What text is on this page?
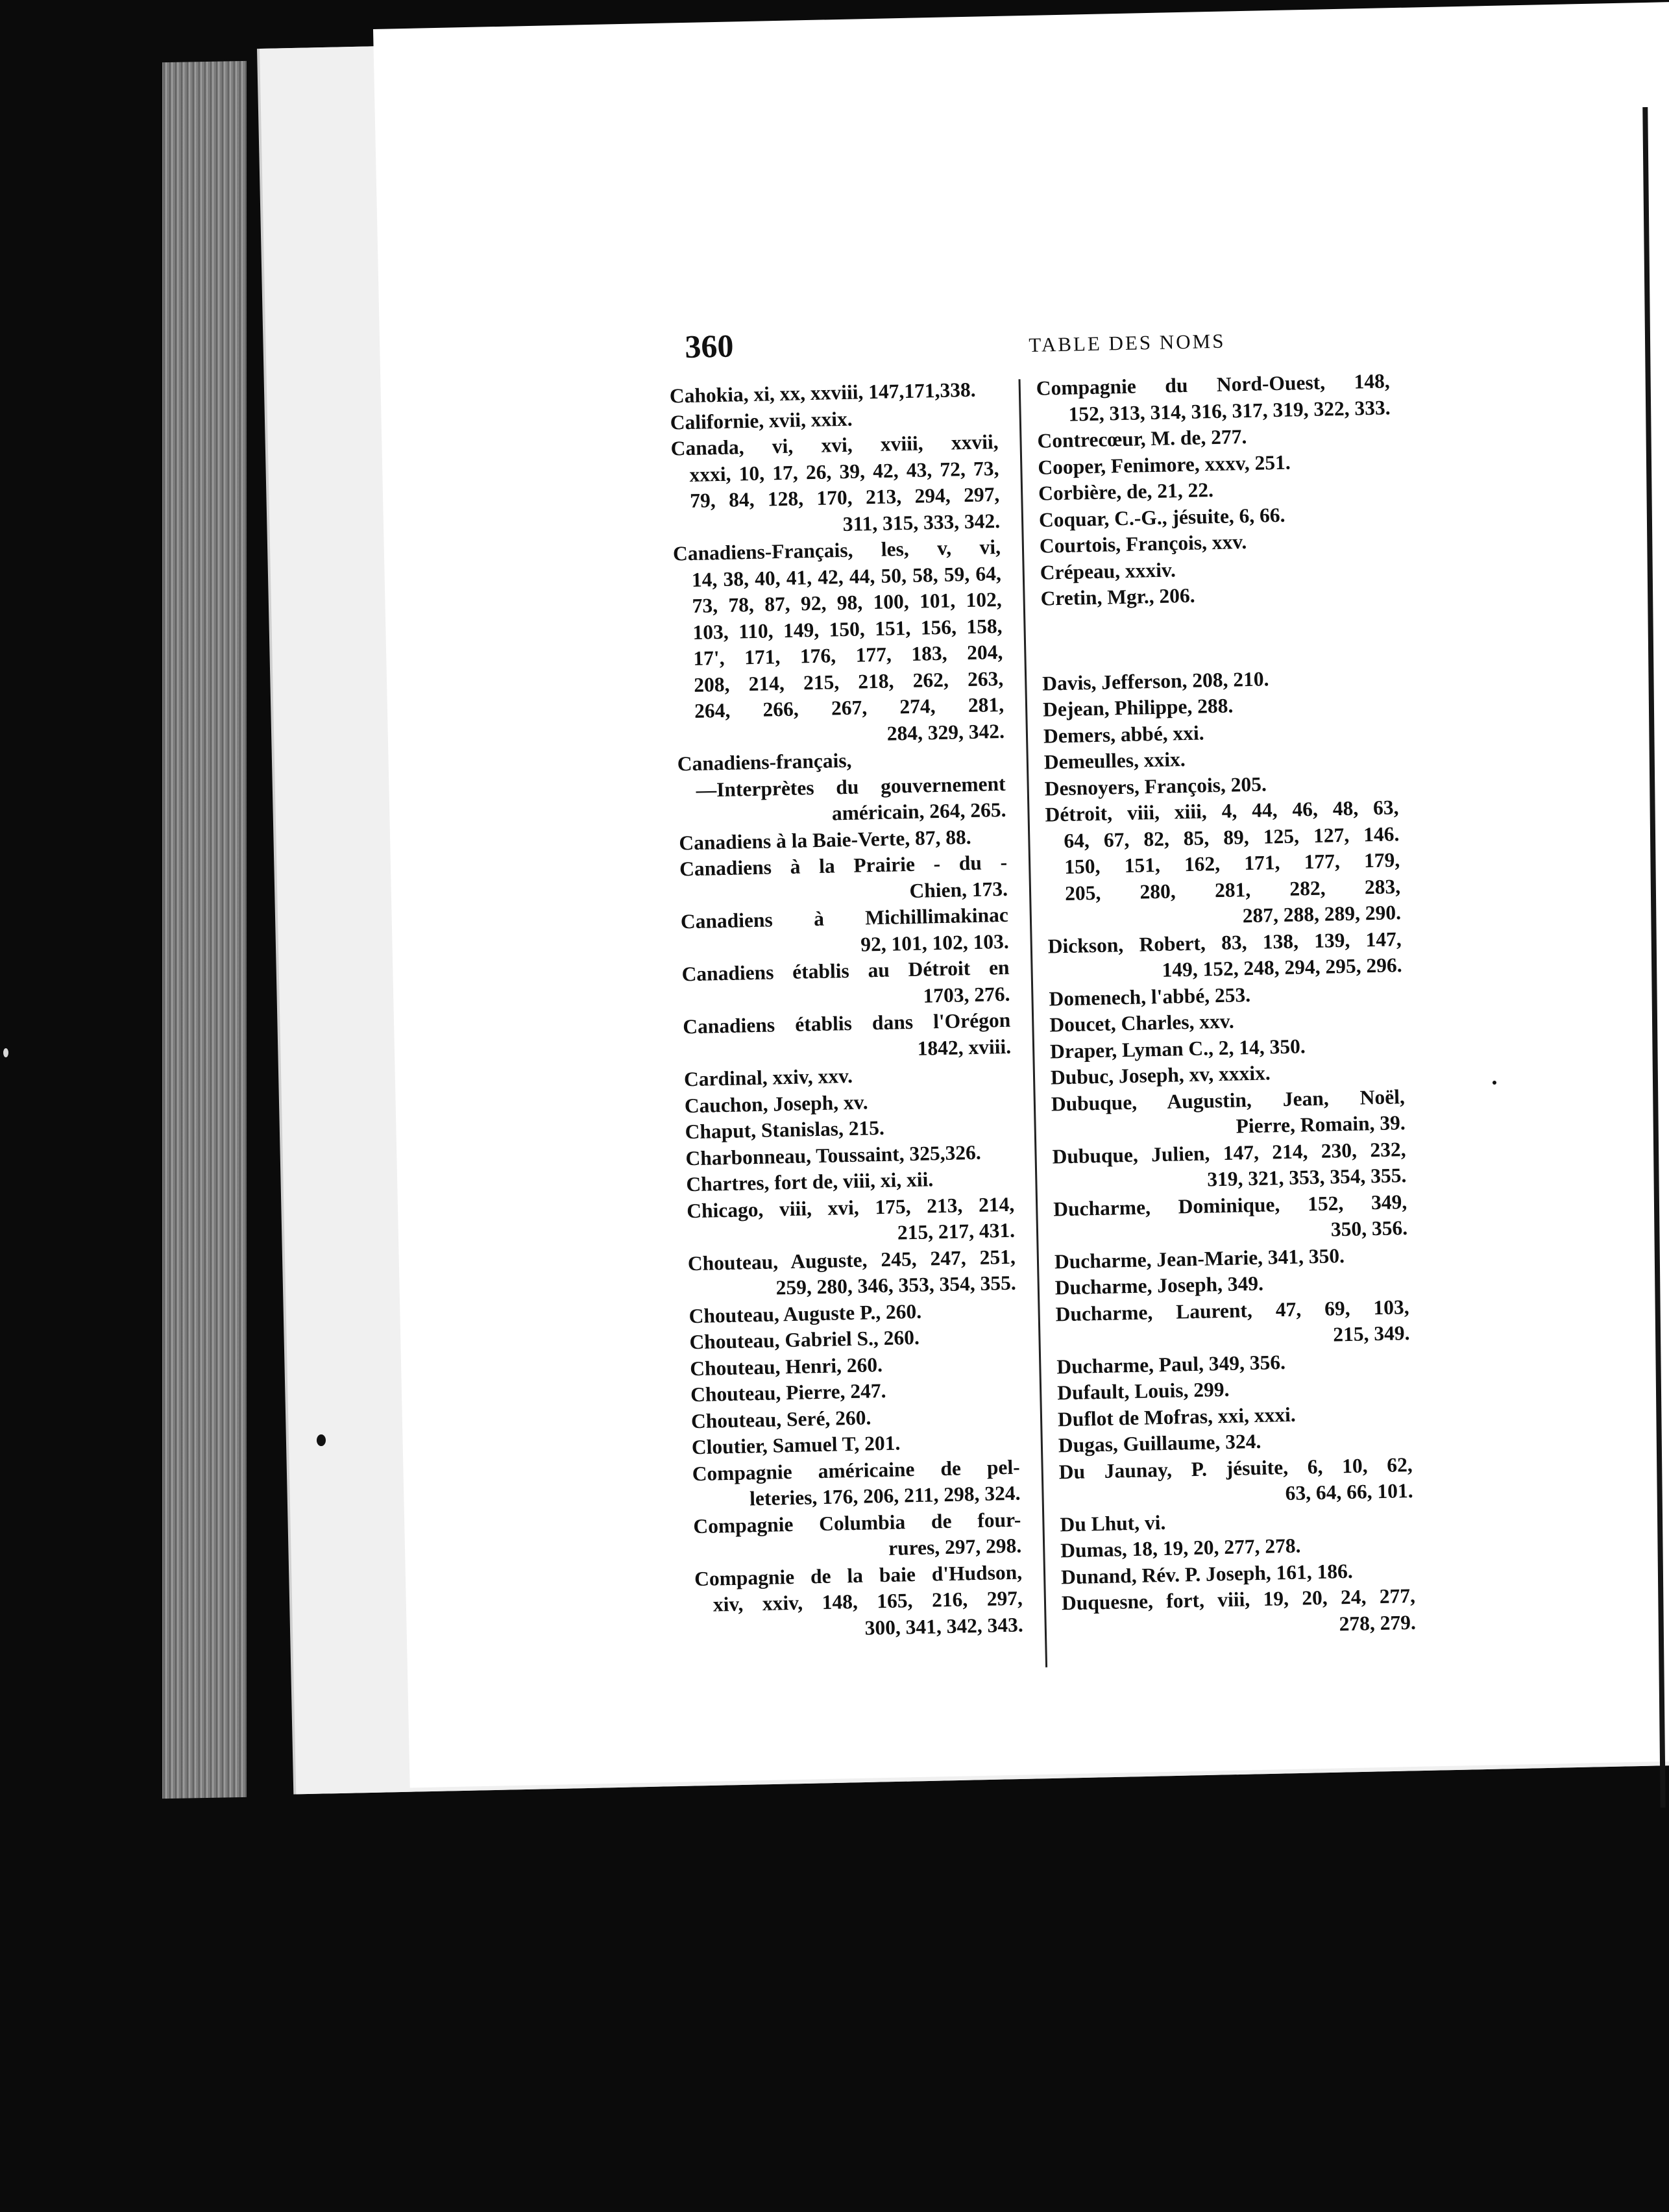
360	TABLE DES NOMS
Cahokia, xi, xx, xxviii, 147,171,338.
Californie, xvii, xxix.
Canada, vi, xvi, xviii, xxvii,
xxxi, 10, 17, 26, 39, 42, 43, 72, 73,
79, 84, 128, 170, 213, 294, 297,
311, 315, 333, 342.
Canadiens-Français, les, v, vi,
14, 38, 40, 41, 42, 44, 50, 58, 59, 64,
73, 78, 87, 92, 98, 100, 101, 102,
103, 110, 149, 150, 151, 156, 158,
17', 171, 176, 177, 183, 204,
208, 214, 215, 218, 262, 263,
264, 266, 267, 274, 281,
284, 329, 342.
Canadiens-français,
—Interprètes du gouvernement
américain, 264, 265.
Canadiens à la Baie-Verte, 87, 88.
Canadiens à la Prairie - du -
Chien, 173.
Canadiens à Michillimakinac
92, 101, 102, 103.
Canadiens établis au Détroit en
1703, 276.
Canadiens établis dans l'Orégon
1842, xviii.
Cardinal, xxiv, xxv.
Cauchon, Joseph, xv.
Chaput, Stanislas, 215.
Charbonneau, Toussaint, 325,326.
Chartres, fort de, viii, xi, xii.
Chicago, viii, xvi, 175, 213, 214,
215, 217, 431.
Chouteau, Auguste, 245, 247, 251,
259, 280, 346, 353, 354, 355.
Chouteau, Auguste P., 260.
Chouteau, Gabriel S., 260.
Chouteau, Henri, 260.
Chouteau, Pierre, 247.
Chouteau, Seré, 260.
Cloutier, Samuel T, 201.
Compagnie américaine de pel-
leteries, 176, 206, 211, 298, 324.
Compagnie Columbia de four-
rures, 297, 298.
Compagnie de la baie d'Hudson,
xiv, xxiv, 148, 165, 216, 297,
300, 341, 342, 343.
Compagnie du Nord-Ouest, 148,
152, 313, 314, 316, 317, 319, 322, 333.
Contrecœur, M. de, 277.
Cooper, Fenimore, xxxv, 251.
Corbière, de, 21, 22.
Coquar, C.-G., jésuite, 6, 66.
Courtois, François, xxv.
Crépeau, xxxiv.
Cretin, Mgr., 206.
Davis, Jefferson, 208, 210.
Dejean, Philippe, 288.
Demers, abbé, xxi.
Demeulles, xxix.
Desnoyers, François, 205.
Détroit, viii, xiii, 4, 44, 46, 48, 63,
64, 67, 82, 85, 89, 125, 127, 146.
150, 151, 162, 171, 177, 179,
205, 280, 281, 282, 283,
287, 288, 289, 290.
Dickson, Robert, 83, 138, 139, 147,
149, 152, 248, 294, 295, 296.
Domenech, l'abbé, 253.
Doucet, Charles, xxv.
Draper, Lyman C., 2, 14, 350.
Dubuc, Joseph, xv, xxxix.
Dubuque, Augustin, Jean, Noël,
Pierre, Romain, 39.
Dubuque, Julien, 147, 214, 230, 232,
319, 321, 353, 354, 355.
Ducharme, Dominique, 152, 349,
350, 356.
Ducharme, Jean-Marie, 341, 350.
Ducharme, Joseph, 349.
Ducharme, Laurent, 47, 69, 103,
215, 349.
Ducharme, Paul, 349, 356.
Dufault, Louis, 299.
Duflot de Mofras, xxi, xxxi.
Dugas, Guillaume, 324.
Du Jaunay, P. jésuite, 6, 10, 62,
63, 64, 66, 101.
Du Lhut, vi.
Dumas, 18, 19, 20, 277, 278.
Dunand, Rév. P. Joseph, 161, 186.
Duquesne, fort, viii, 19, 20, 24, 277,
278, 279.
